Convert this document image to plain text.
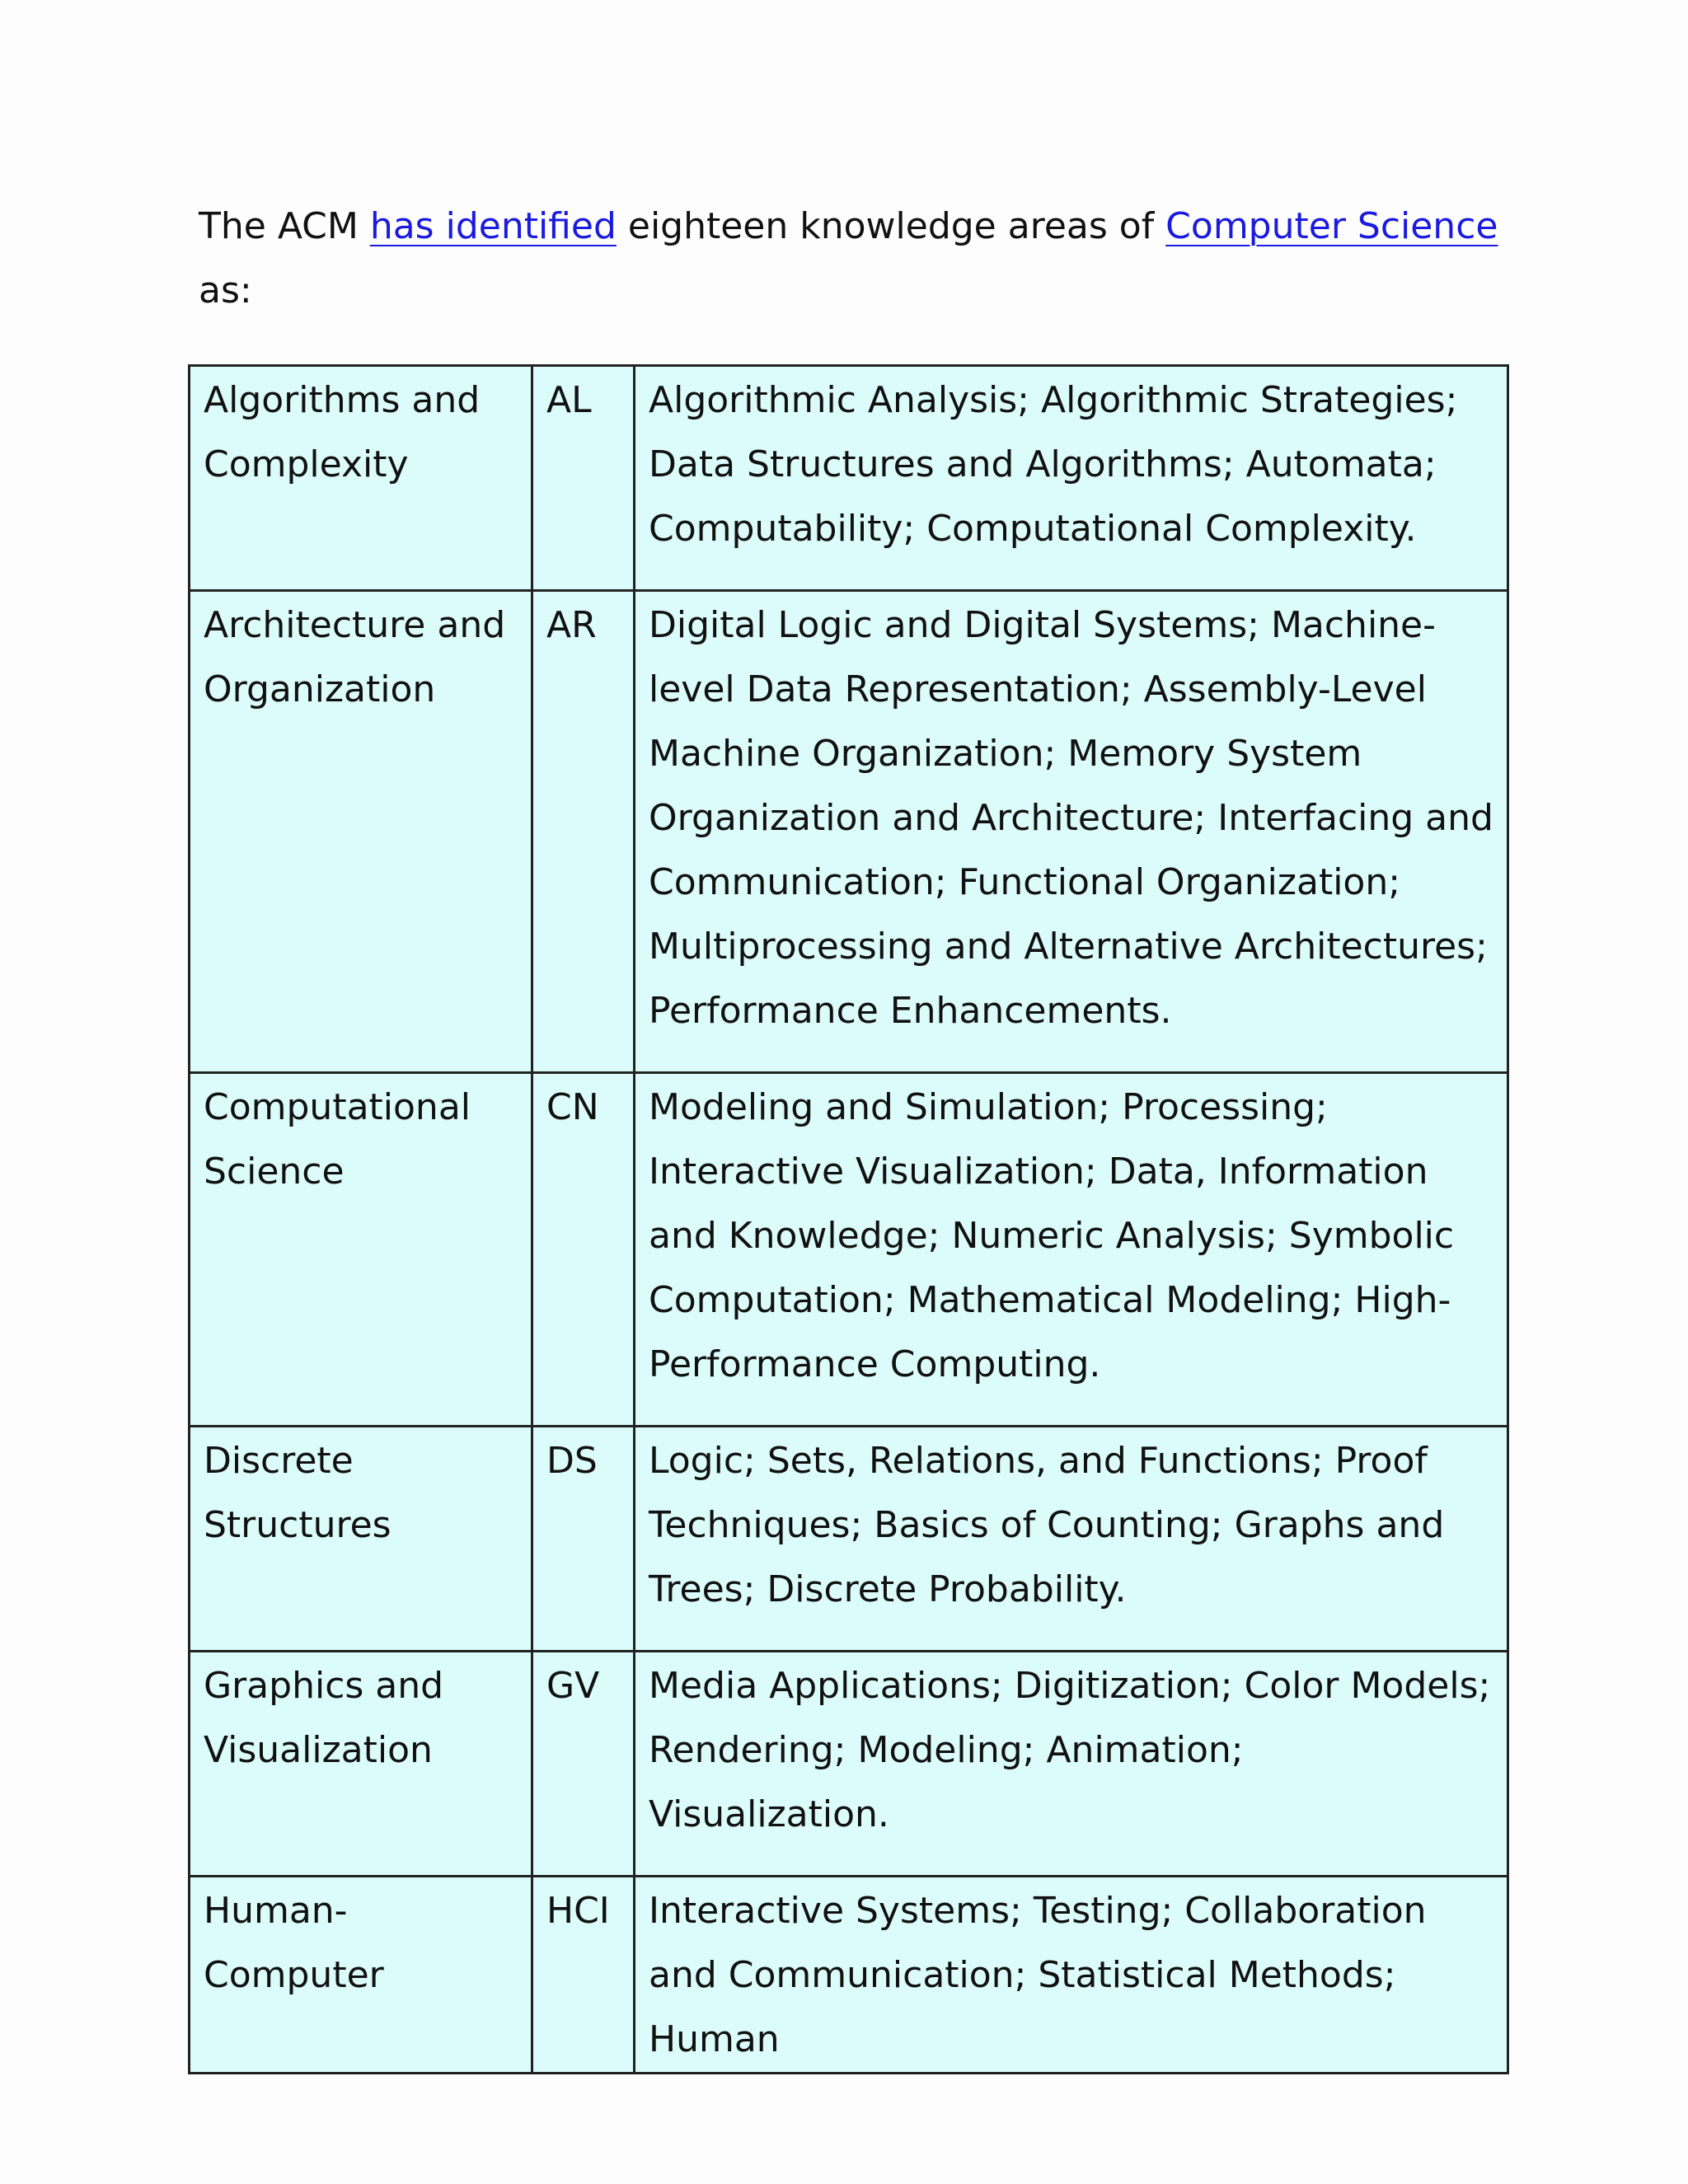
The ACM has identified eighteen knowledge areas of Computer Science as:

Algorithms and Complexity	AL	Algorithmic Analysis; Algorithmic Strategies; Data Structures and Algorithms; Automata; Computability; Computational Complexity.
Architecture and Organization	AR	Digital Logic and Digital Systems; Machine-level Data Representation; Assembly-Level Machine Organization; Memory System Organization and Architecture; Interfacing and Communication; Functional Organization; Multiprocessing and Alternative Architectures; Performance Enhancements.
Computational Science	CN	Modeling and Simulation; Processing; Interactive Visualization; Data, Information and Knowledge; Numeric Analysis; Symbolic Computation; Mathematical Modeling; High-Performance Computing.
Discrete Structures	DS	Logic; Sets, Relations, and Functions; Proof Techniques; Basics of Counting; Graphs and Trees; Discrete Probability.
Graphics and Visualization	GV	Media Applications; Digitization; Color Models; Rendering; Modeling; Animation; Visualization.
Human-Computer	HCI	Interactive Systems; Testing; Collaboration and Communication; Statistical Methods; Human
